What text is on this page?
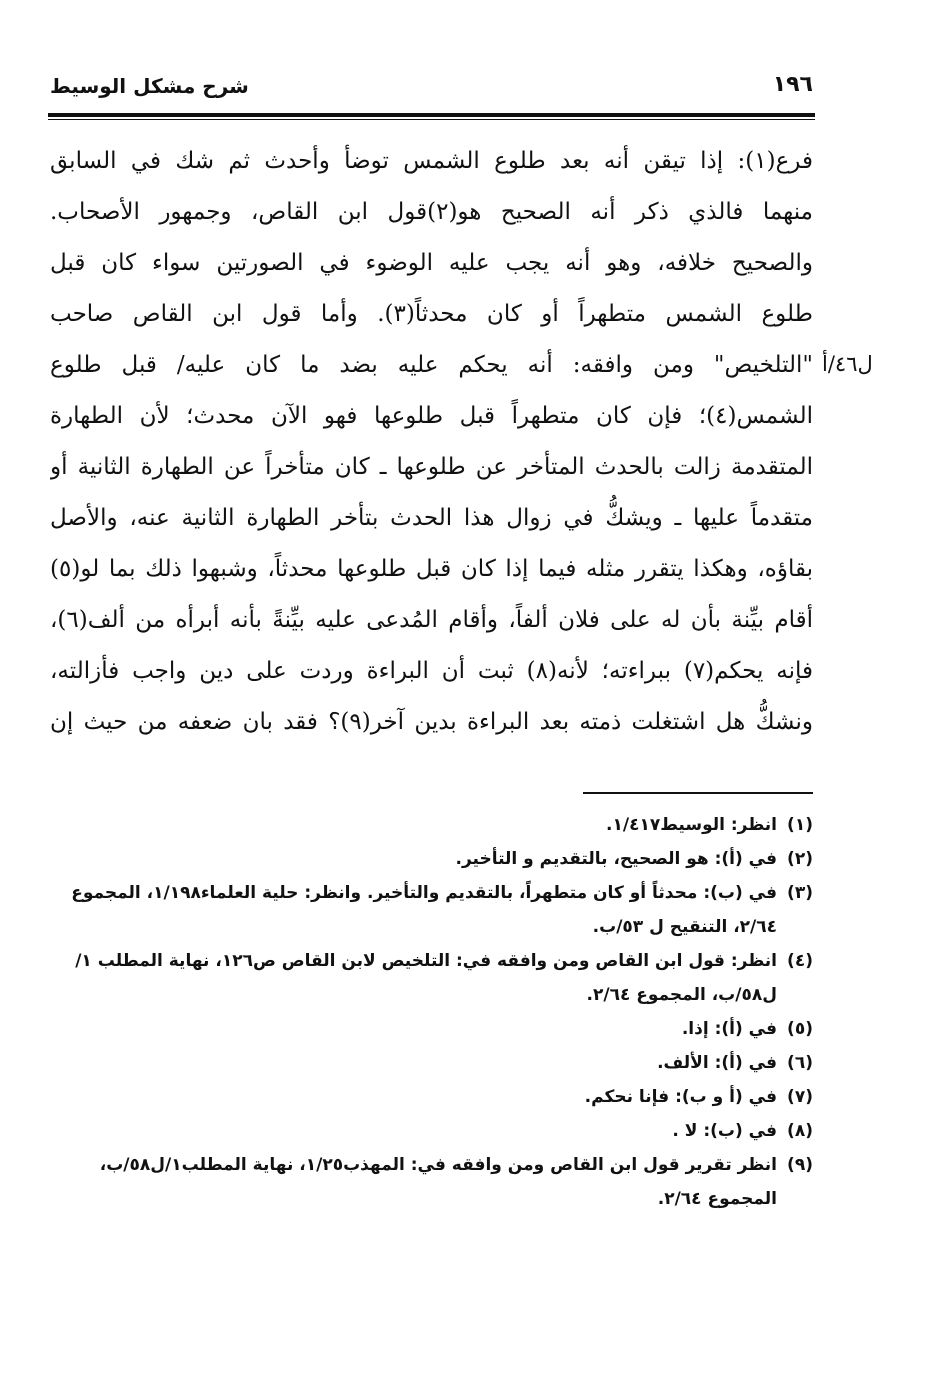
١٩٦
شرح مشكل الوسيط
ل٤٦/أ
فرع(١): إذا تيقن أنه بعد طلوع الشمس توضأ وأحدث ثم شك في السابق
منهما فالذي ذكر أنه الصحيح هو(٢)قول ابن القاص، وجمهور الأصحاب.
والصحيح خلافه، وهو أنه يجب عليه الوضوء في الصورتين سواء كان قبل
طلوع الشمس متطهراً أو كان محدثاً(٣). وأما قول ابن القاص صاحب
"التلخيص" ومن وافقه: أنه يحكم عليه بضد ما كان عليه/ قبل طلوع
الشمس(٤)؛ فإن كان متطهراً قبل طلوعها فهو الآن محدث؛ لأن الطهارة
المتقدمة زالت بالحدث المتأخر عن طلوعها ـ كان متأخراً عن الطهارة الثانية أو
متقدماً عليها ـ ويشكُّ في زوال هذا الحدث بتأخر الطهارة الثانية عنه، والأصل
بقاؤه، وهكذا يتقرر مثله فيما إذا كان قبل طلوعها محدثاً، وشبهوا ذلك بما لو(٥)
أقام بيِّنة بأن له على فلان ألفاً، وأقام المُدعى عليه بيِّنةً بأنه أبرأه من ألف(٦)،
فإنه يحكم(٧) ببراءته؛ لأنه(٨) ثبت أن البراءة وردت على دين واجب فأزالته،
ونشكُّ هل اشتغلت ذمته بعد البراءة بدين آخر(٩)؟ فقد بان ضعفه من حيث إن
(١)انظر: الوسيط١/٤١٧.
(٢)في (أ): هو الصحيح، بالتقديم و التأخير.
(٣)في (ب): محدثاً أو كان متطهراً، بالتقديم والتأخير. وانظر: حلية العلماء١/١٩٨، المجموع ٢/٦٤، التنقيح ل ٥٣/ب.
(٤)انظر: قول ابن القاص ومن وافقه في: التلخيص لابن القاص ص١٢٦، نهاية المطلب ١/ل٥٨/ب، المجموع ٢/٦٤.
(٥)في (أ): إذا.
(٦)في (أ): الألف.
(٧)في (أ و ب): فإنا نحكم.
(٨)في (ب): لا .
(٩)انظر تقرير قول ابن القاص ومن وافقه في: المهذب١/٢٥، نهاية المطلب١/ل٥٨/ب، المجموع ٢/٦٤.
